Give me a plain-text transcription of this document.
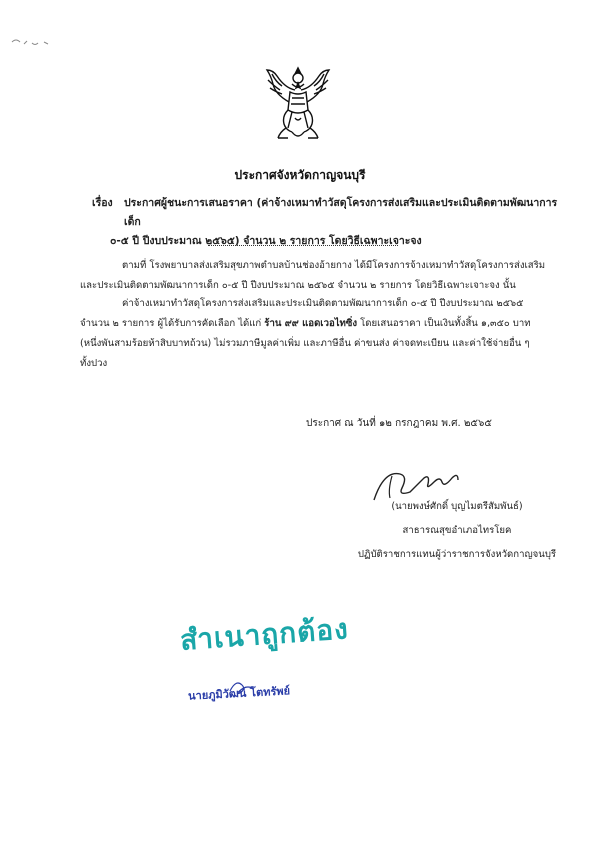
ประกาศจังหวัดกาญจนบุรี
เรื่อง ประกาศผู้ชนะการเสนอราคา (ค่าจ้างเหมาทำวัสดุโครงการส่งเสริมและประเมินติดตามพัฒนาการเด็ก
๐-๕ ปี ปีงบประมาณ ๒๕๖๕) จำนวน ๒ รายการ โดยวิธีเฉพาะเจาะจง
ตามที่ โรงพยาบาลส่งเสริมสุขภาพตำบลบ้านช่องอ้ายกาง ได้มีโครงการจ้างเหมาทำวัสดุโครงการส่งเสริม
และประเมินติดตามพัฒนาการเด็ก ๐-๕ ปี ปีงบประมาณ ๒๕๖๕ จำนวน ๒ รายการ โดยวิธีเฉพาะเจาะจง นั้น
ค่าจ้างเหมาทำวัสดุโครงการส่งเสริมและประเมินติดตามพัฒนาการเด็ก ๐-๕ ปี ปีงบประมาณ ๒๕๖๕
จำนวน ๒ รายการ ผู้ได้รับการคัดเลือก ได้แก่ ร้าน ๙๙ แอดเวอไทซิ่ง โดยเสนอราคา เป็นเงินทั้งสิ้น ๑,๓๕๐ บาท
(หนึ่งพันสามร้อยห้าสิบบาทถ้วน) ไม่รวมภาษีมูลค่าเพิ่ม และภาษีอื่น ค่าขนส่ง ค่าจดทะเบียน และค่าใช้จ่ายอื่น ๆ
ทั้งปวง
ประกาศ ณ วันที่ ๑๒ กรกฎาคม พ.ศ. ๒๕๖๕
(นายพงษ์ศักดิ์ บุญไมตรีสัมพันธ์)
สาธารณสุขอำเภอไทรโยค
ปฏิบัติราชการแทนผู้ว่าราชการจังหวัดกาญจนบุรี
สำเนาถูกต้อง
นายภูมิวัฒน์ โตทรัพย์
